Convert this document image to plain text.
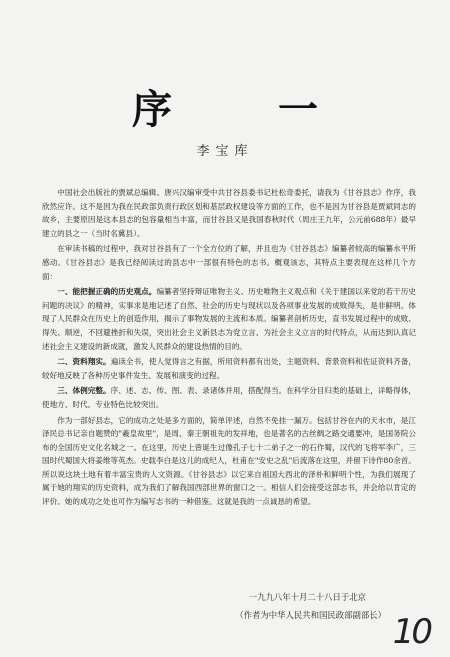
序 一
李宝库

中国社会出版社的贾斌总编辑、唐兴汉编审受中共甘谷县委书记杜松奇委托，请我为《甘谷县志》作序，我欣然应许。这不是因为我在民政部负责行政区划和基层政权建设等方面的工作，也不是因为甘谷县是贾斌同志的故乡，主要原因是这本县志的包容量相当丰富，而甘谷县又是我国春秋时代（周庄王九年，公元前688年）最早建立的县之一（当时名冀县）。

在审读书稿的过程中，我对甘谷县有了一个全方位的了解，并且也为《甘谷县志》编纂者较高的编纂水平所感动。《甘谷县志》是我已经阅读过的县志中一部很有特色的志书。概观该志，其特点主要表现在这样几个方面：

一、能把握正确的历史观点。编纂者坚持辩证唯物主义、历史唯物主义观点和《关于建国以来党的若干历史问题的决议》的精神，实事求是地记述了自然、社会的历史与现状以及各项事业发展的成败得失，是非鲜明。体现了人民群众在历史上的创造作用，揭示了事物发展的主流和本质。编纂者剖析历史，直书发展过程中的成败、得失、顺逆，不回避挫折和失误，突出社会主义新县志为党立言、为社会主义立言的时代特点，从而达到认真记述社会主义建设的新成就，激发人民群众的建设热情的目的。

二、资料翔实。遍读全书，使人觉得言之有据，所用资料都有出处，主题资料、背景资料和佐证资料齐备，较好地反映了各种历史事件发生、发展和演变的过程。

三、体例完整。序、述、志、传、图、表、录诸体并用，搭配得当。在科学分目归类的基础上，详略得体，使地方、时代、专业特色比较突出。

作为一部好县志，它的成功之处是多方面的，简单评述，自然不免挂一漏万。包括甘谷在内的天水市，是江泽民总书记亲自题赞的"羲皇故里"，是周、秦王朝祖先的发祥地，也是著名的古丝绸之路交通要冲，是国务院公布的全国历史文化名城之一。在这里，历史上曾诞生过像孔子七十二弟子之一的石作蜀，汉代的飞将军李广，三国时代蜀国大将姜维等英杰。史载李白是这儿的成纪人，杜甫在"安史之乱"后流落在这里，并留下诗作80余首。所以说这块土地有着丰富宝贵的人文资源。《甘谷县志》以它来自祖国大西北的泽朴和鲜明个性，为我们展现了属于她的翔实的历史资料，成为我们了解我国西部世界的窗口之一。相信人们会接受这部志书，并会给以肯定的评价。她的成功之处也可作为编写志书的一种借鉴。这就是我的一点诚恳的希望。

一九九八年十月二十八日于北京
（作者为中华人民共和国民政部副部长） 10
